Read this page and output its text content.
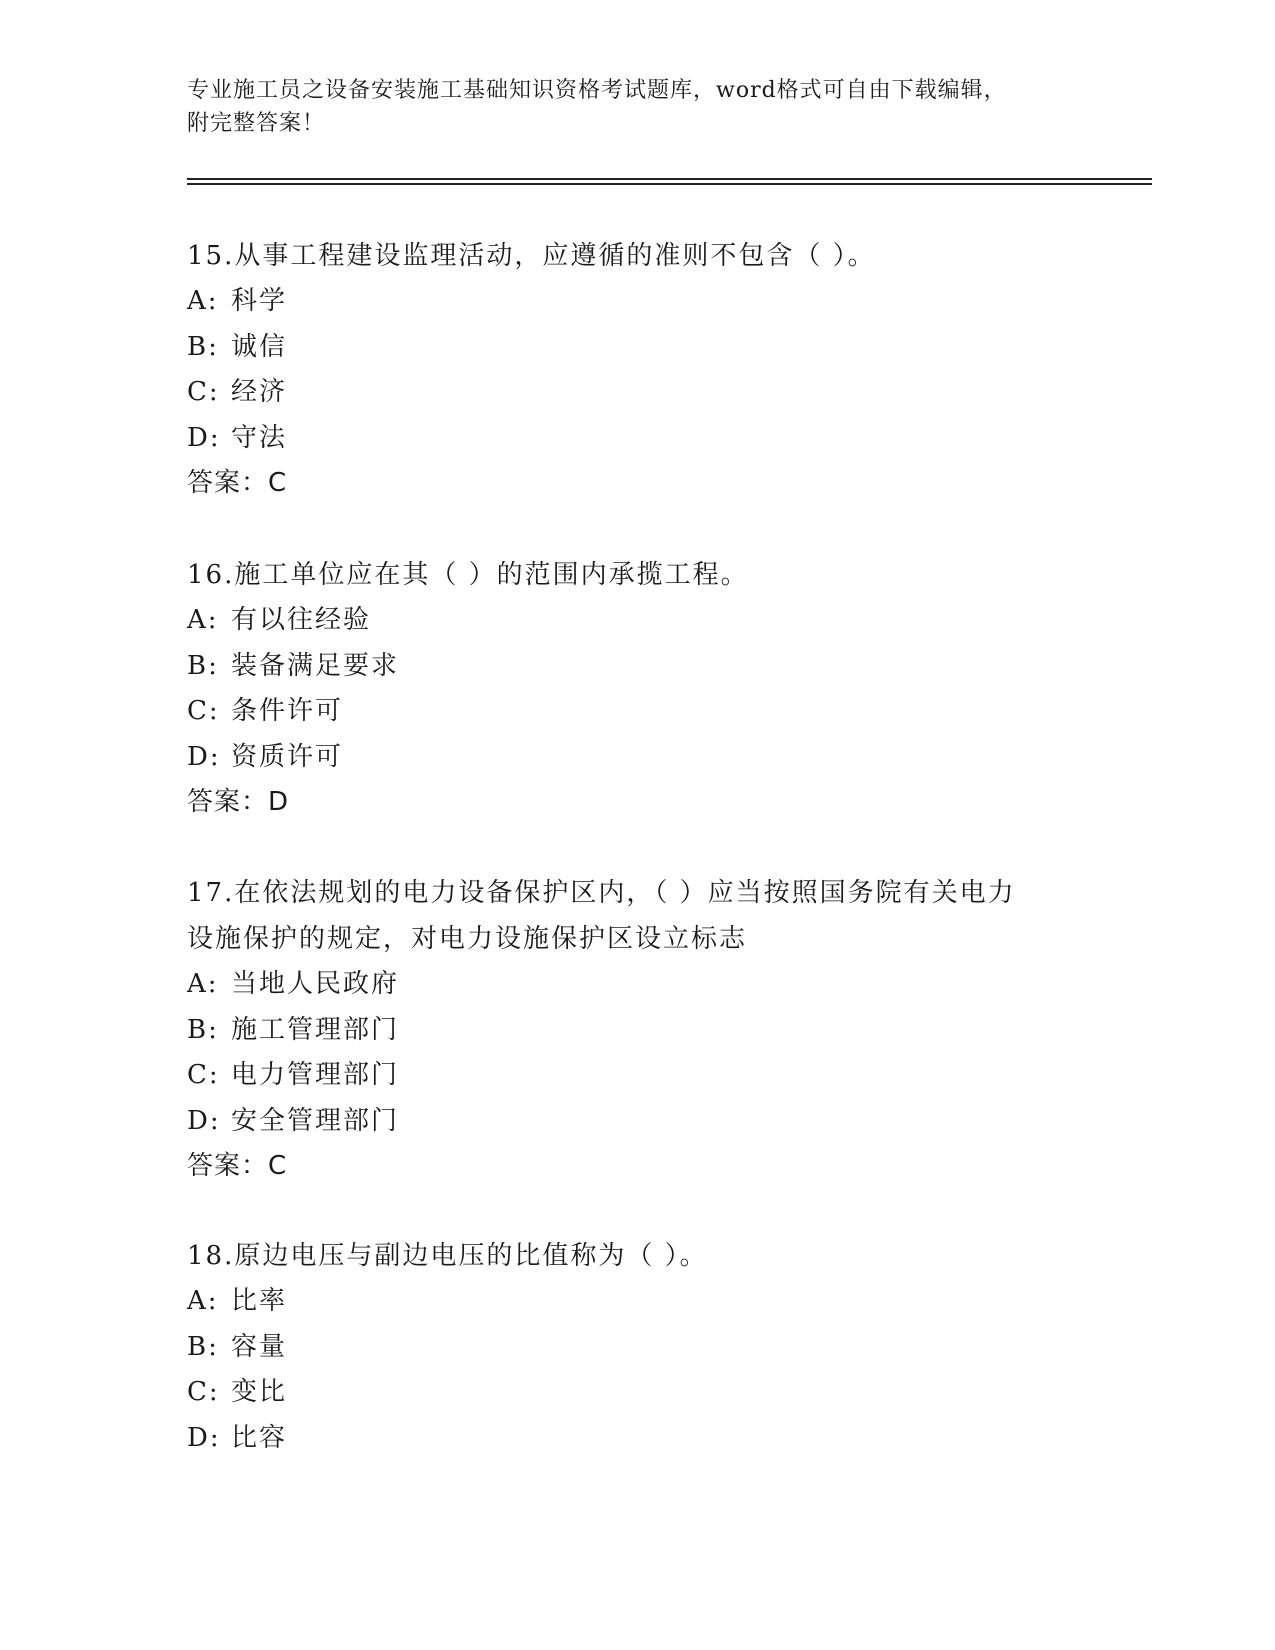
专业施工员之设备安装施工基础知识资格考试题库，word格式可自由下载编辑，
附完整答案！
15.从事工程建设监理活动，应遵循的准则不包含（ ）。
A: 科学
B: 诚信
C: 经济
D: 守法
答案：C
16.施工单位应在其（ ）的范围内承揽工程。
A: 有以往经验
B: 装备满足要求
C: 条件许可
D: 资质许可
答案：D
17.在依法规划的电力设备保护区内，（ ）应当按照国务院有关电力
设施保护的规定，对电力设施保护区设立标志
A: 当地人民政府
B: 施工管理部门
C: 电力管理部门
D: 安全管理部门
答案：C
18.原边电压与副边电压的比值称为（ ）。
A: 比率
B: 容量
C: 变比
D: 比容
